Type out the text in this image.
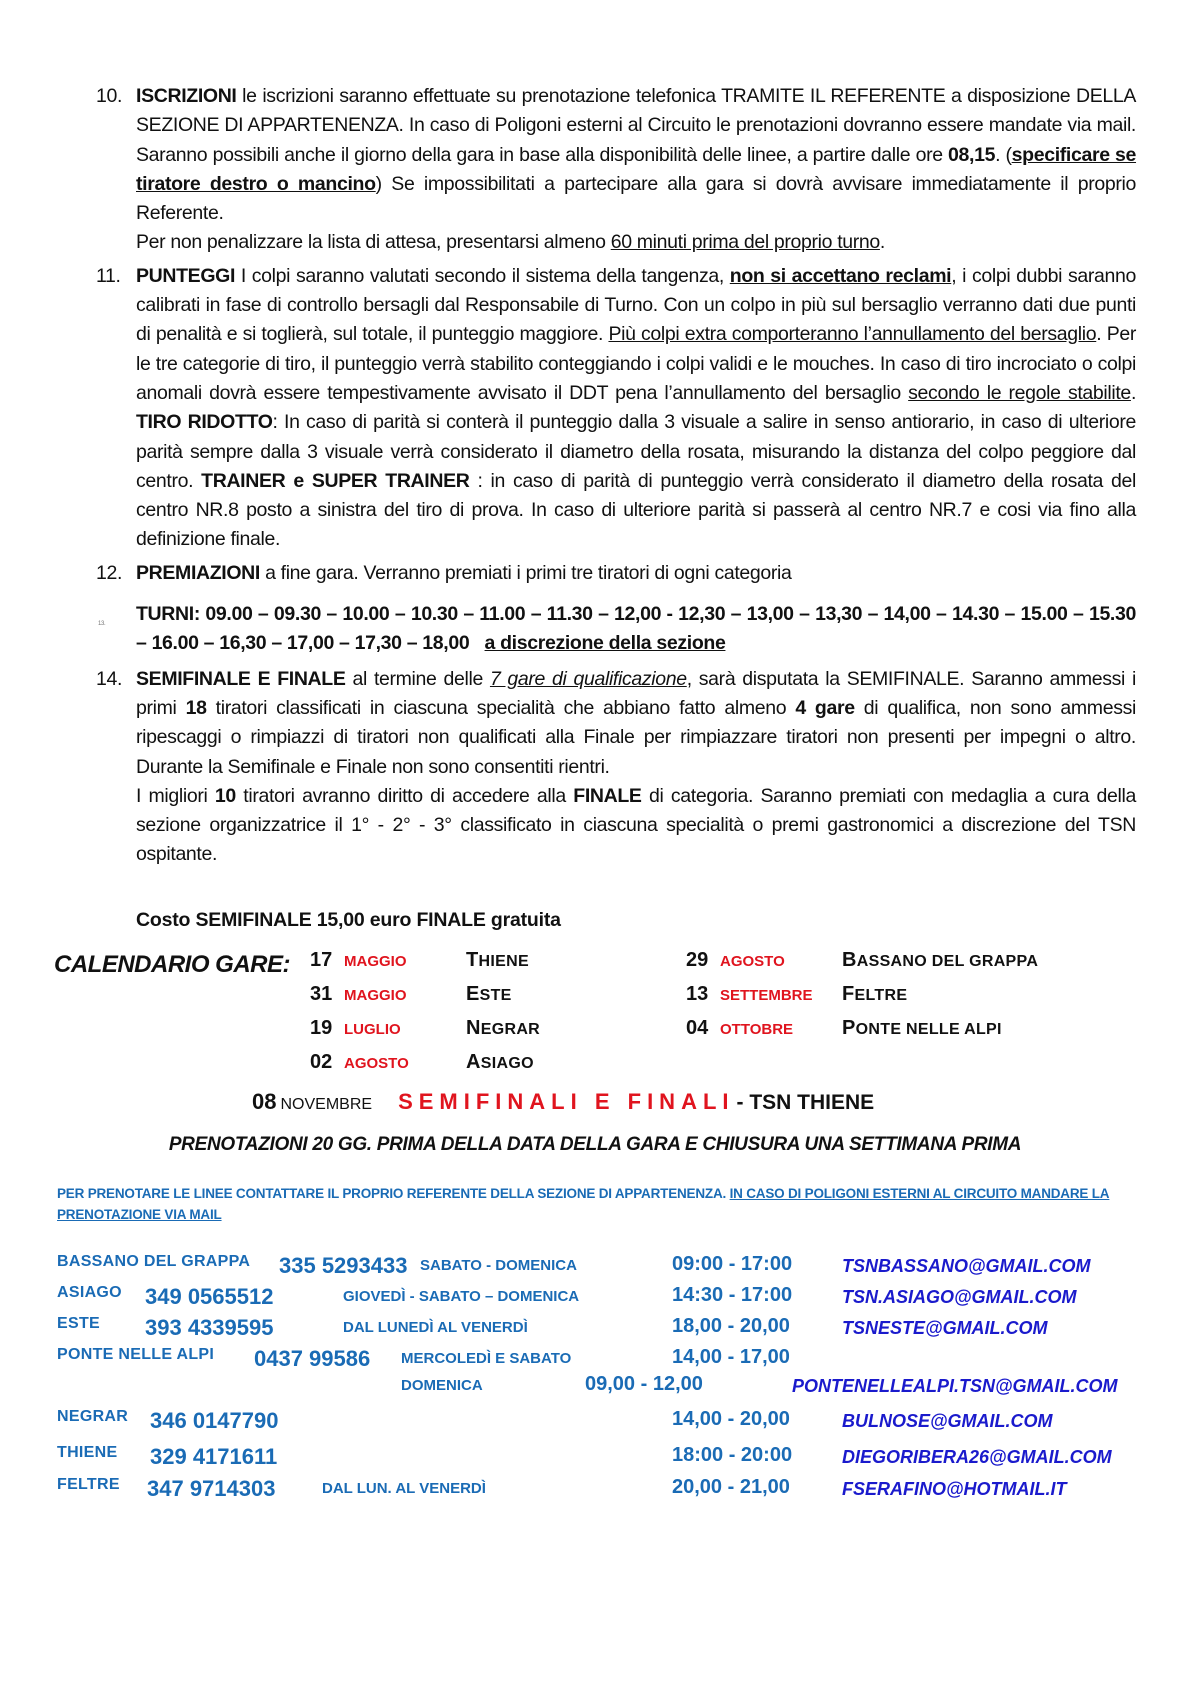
10. ISCRIZIONI le iscrizioni saranno effettuate su prenotazione telefonica TRAMITE IL REFERENTE a disposizione DELLA SEZIONE DI APPARTENENZA. In caso di Poligoni esterni al Circuito le prenotazioni dovranno essere mandate via mail. Saranno possibili anche il giorno della gara in base alla disponibilità delle linee, a partire dalle ore 08,15. (specificare se tiratore destro o mancino) Se impossibilitati a partecipare alla gara si dovrà avvisare immediatamente il proprio Referente.
Per non penalizzare la lista di attesa, presentarsi almeno 60 minuti prima del proprio turno.
11. PUNTEGGI I colpi saranno valutati secondo il sistema della tangenza, non si accettano reclami, i colpi dubbi saranno calibrati in fase di controllo bersagli dal Responsabile di Turno. Con un colpo in più sul bersaglio verranno dati due punti di penalità e si toglierà, sul totale, il punteggio maggiore. Più colpi extra comporteranno l’annullamento del bersaglio. Per le tre categorie di tiro, il punteggio verrà stabilito conteggiando i colpi validi e le mouches. In caso di tiro incrociato o colpi anomali dovrà essere tempestivamente avvisato il DDT pena l’annullamento del bersaglio secondo le regole stabilite. TIRO RIDOTTO: In caso di parità si conterà il punteggio dalla 3 visuale a salire in senso antiorario, in caso di ulteriore parità sempre dalla 3 visuale verrà considerato il diametro della rosata, misurando la distanza del colpo peggiore dal centro. TRAINER e SUPER TRAINER : in caso di parità di punteggio verrà considerato il diametro della rosata del centro NR.8 posto a sinistra del tiro di prova. In caso di ulteriore parità si passerà al centro NR.7 e cosi via fino alla definizione finale.
12. PREMIAZIONI a fine gara. Verranno premiati i primi tre tiratori di ogni categoria
13. TURNI: 09.00 – 09.30 – 10.00 – 10.30 – 11.00 – 11.30 – 12,00 - 12,30 – 13,00 – 13,30 – 14,00 – 14.30 – 15.00 – 15.30 – 16.00 – 16,30 – 17,00 – 17,30 – 18,00 a discrezione della sezione
14. SEMIFINALE E FINALE al termine delle 7 gare di qualificazione, sarà disputata la SEMIFINALE. Saranno ammessi i primi 18 tiratori classificati in ciascuna specialità che abbiano fatto almeno 4 gare di qualifica, non sono ammessi ripescaggi o rimpiazzi di tiratori non qualificati alla Finale per rimpiazzare tiratori non presenti per impegni o altro. Durante la Semifinale e Finale non sono consentiti rientri.
I migliori 10 tiratori avranno diritto di accedere alla FINALE di categoria. Saranno premiati con medaglia a cura della sezione organizzatrice il 1° - 2° - 3° classificato in ciascuna specialità o premi gastronomici a discrezione del TSN ospitante.
Costo SEMIFINALE 15,00 euro FINALE gratuita
CALENDARIO GARE: 17 MAGGIO	THIENE
31 MAGGIO	ESTE
19 LUGLIO	NEGRAR
02 AGOSTO	ASIAGO
29 AGOSTO	BASSANO DEL GRAPPA
13 SETTEMBRE	FELTRE
04 OTTOBRE	PONTE NELLE ALPI
08 NOVEMBRE SEMIFINALI E FINALI - TSN THIENE
PRENOTAZIONI 20 GG. PRIMA DELLA DATA DELLA GARA E CHIUSURA UNA SETTIMANA PRIMA
PER PRENOTARE LE LINEE CONTATTARE IL PROPRIO REFERENTE DELLA SEZIONE DI APPARTENENZA. IN CASO DI POLIGONI ESTERNI AL CIRCUITO MANDARE LA PRENOTAZIONE VIA MAIL
BASSANO DEL GRAPPA 335 5293433 SABATO - DOMENICA	09:00 - 17:00	TSNBASSANO@GMAIL.COM
ASIAGO 349 0565512	GIOVEDÌ - SABATO – DOMENICA	14:30 - 17:00	TSN.ASIAGO@GMAIL.COM
ESTE 393 4339595	DAL LUNEDÌ AL VENERDÌ	18,00 - 20,00	TSNESTE@GMAIL.COM
PONTE NELLE ALPI 0437 99586 MERCOLEDÌ E SABATO	14,00 - 17,00
DOMENICA	09,00 - 12,00	PONTENELLEALPI.TSN@GMAIL.COM
NEGRAR 346 0147790	14,00 - 20,00	BULNOSE@GMAIL.COM
THIENE 329 4171611	18:00 - 20:00	DIEGORIBERA26@GMAIL.COM
FELTRE 347 9714303	DAL LUN. AL VENERDÌ	20,00 - 21,00	FSERAFINO@HOTMAIL.IT
